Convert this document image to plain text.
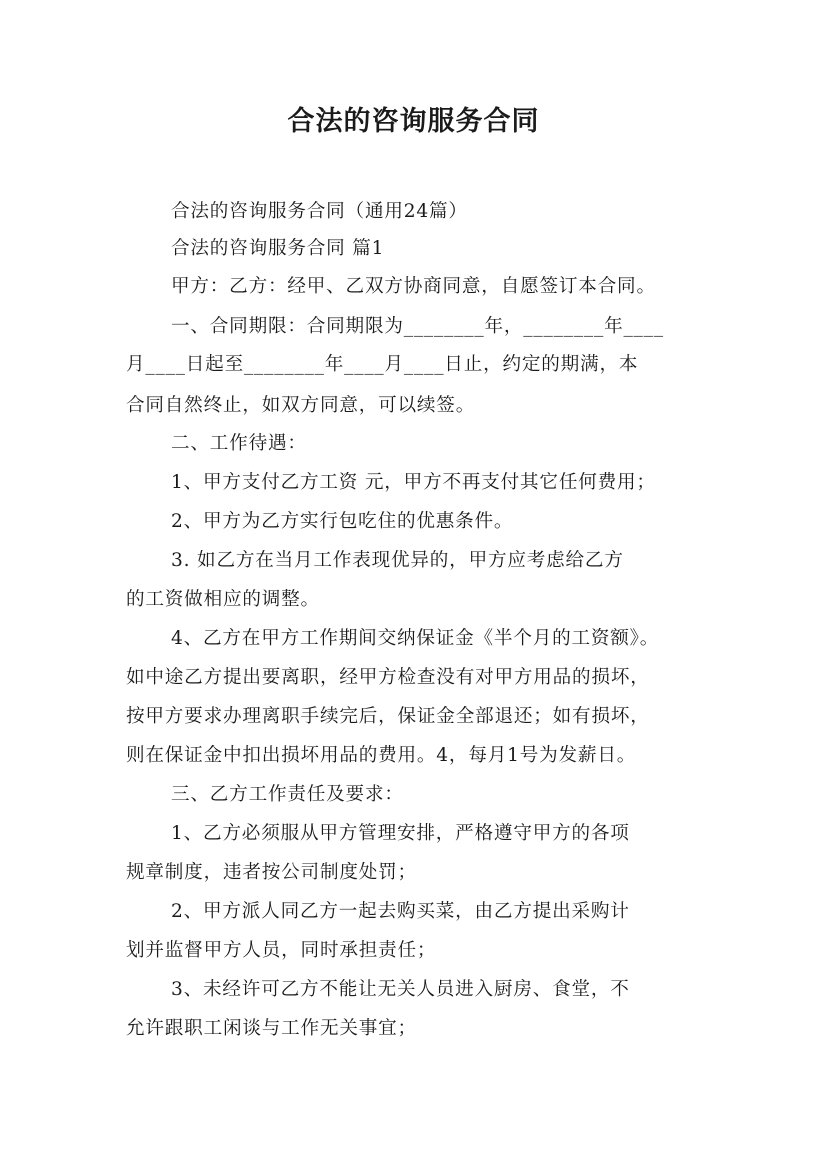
合法的咨询服务合同
合法的咨询服务合同（通用24篇）
合法的咨询服务合同 篇1
甲方：乙方：经甲、乙双方协商同意，自愿签订本合同。
一、合同期限：合同期限为________年，________年____
月____日起至________年____月____日止，约定的期满，本
合同自然终止，如双方同意，可以续签。
二、工作待遇：
1、甲方支付乙方工资 元，甲方不再支付其它任何费用；
2、甲方为乙方实行包吃住的优惠条件。
3. 如乙方在当月工作表现优异的，甲方应考虑给乙方
的工资做相应的调整。
4、乙方在甲方工作期间交纳保证金《半个月的工资额》。
如中途乙方提出要离职，经甲方检查没有对甲方用品的损坏，
按甲方要求办理离职手续完后，保证金全部退还；如有损坏，
则在保证金中扣出损坏用品的费用。4，每月1号为发薪日。
三、乙方工作责任及要求：
1、乙方必须服从甲方管理安排，严格遵守甲方的各项
规章制度，违者按公司制度处罚；
2、甲方派人同乙方一起去购买菜，由乙方提出采购计
划并监督甲方人员，同时承担责任；
3、未经许可乙方不能让无关人员进入厨房、食堂，不
允许跟职工闲谈与工作无关事宜；
